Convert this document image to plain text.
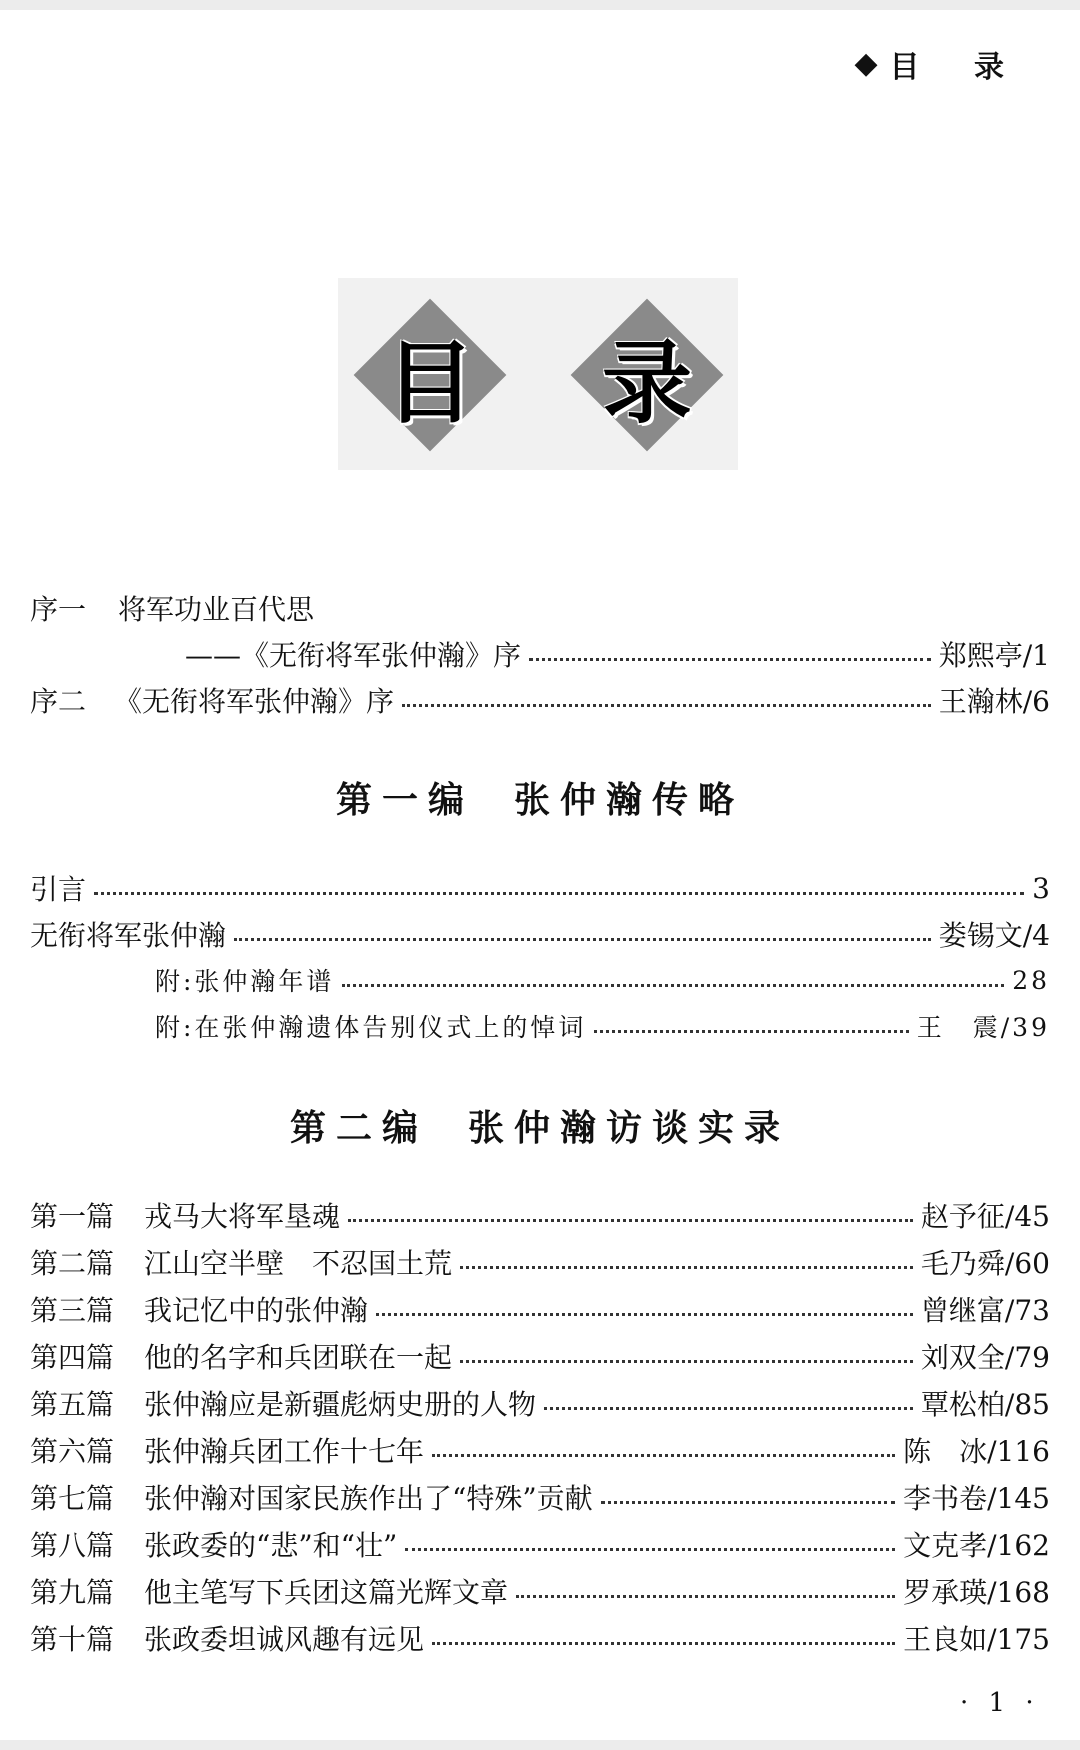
◆ 目 录
目 录
序一 将军功业百代思
——《无衔将军张仲瀚》序	郑熙亭/1
序二 《无衔将军张仲瀚》序	王瀚林/6
第一编 张仲瀚传略
引言	3
无衔将军张仲瀚	娄锡文/4
附:张仲瀚年谱	28
附:在张仲瀚遗体告别仪式上的悼词	王　震/39
第二编 张仲瀚访谈实录
第一篇 戎马大将军垦魂	赵予征/45
第二篇 江山空半壁　不忍国土荒	毛乃舜/60
第三篇 我记忆中的张仲瀚	曾继富/73
第四篇 他的名字和兵团联在一起	刘双全/79
第五篇 张仲瀚应是新疆彪炳史册的人物	覃松柏/85
第六篇 张仲瀚兵团工作十七年	陈　冰/116
第七篇 张仲瀚对国家民族作出了“特殊”贡献	李书卷/145
第八篇 张政委的“悲”和“壮”	文克孝/162
第九篇 他主笔写下兵团这篇光辉文章	罗承瑛/168
第十篇 张政委坦诚风趣有远见	王良如/175
· 1 ·
